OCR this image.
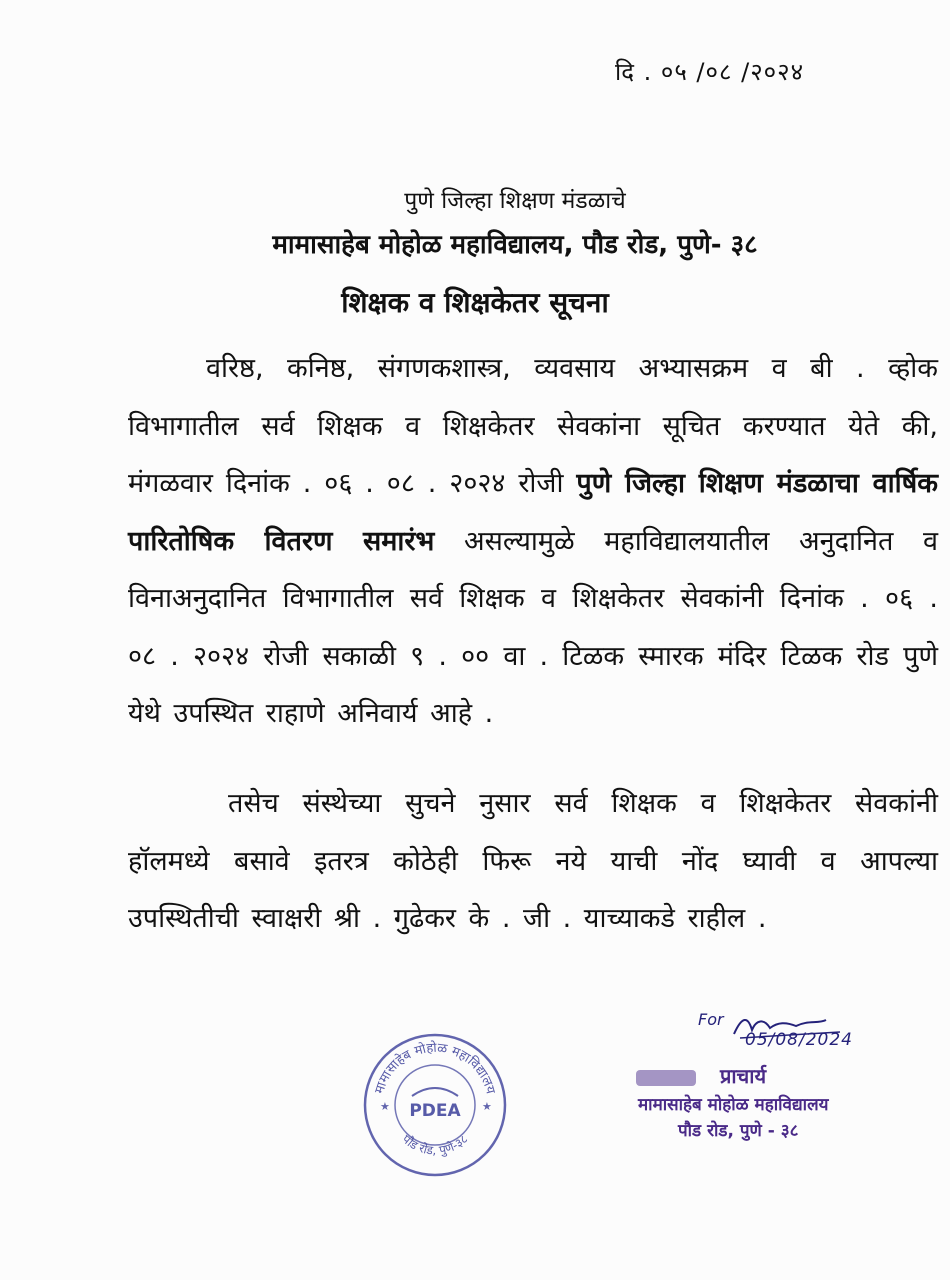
दि . ०५ /०८ /२०२४
पुणे जिल्हा शिक्षण मंडळाचे
मामासाहेब मोहोळ महाविद्यालय, पौड रोड, पुणे- ३८
शिक्षक व शिक्षकेतर सूचना

वरिष्ठ, कनिष्ठ, संगणकशास्त्र, व्यवसाय अभ्यासक्रम व बी . व्होक विभागातील सर्व शिक्षक व शिक्षकेतर सेवकांना सूचित करण्यात येते की, मंगळवार दिनांक . ०६ . ०८ . २०२४ रोजी पुणे जिल्हा शिक्षण मंडळाचा वार्षिक पारितोषिक वितरण समारंभ असल्यामुळे महाविद्यालयातील अनुदानित व विनाअनुदानित विभागातील सर्व शिक्षक व शिक्षकेतर सेवकांनी दिनांक . ०६ . ०८ . २०२४ रोजी सकाळी ९ . ०० वा . टिळक स्मारक मंदिर टिळक रोड पुणे येथे उपस्थित राहाणे अनिवार्य आहे .

तसेच संस्थेच्या सुचने नुसार सर्व शिक्षक व शिक्षकेतर सेवकांनी हॉलमध्ये बसावे इतरत्र कोठेही फिरू नये याची नोंद घ्यावी व आपल्या उपस्थितीची स्वाक्षरी श्री . गुढेकर के . जी . याच्याकडे राहील .

मामासाहेब मोहोळ महाविद्यालय
पौड रोड, पुणे-३८
PDEA
★	★
For
05/08/2024
प्राचार्य
मामासाहेब मोहोळ महाविद्यालय
पौड रोड, पुणे - ३८
